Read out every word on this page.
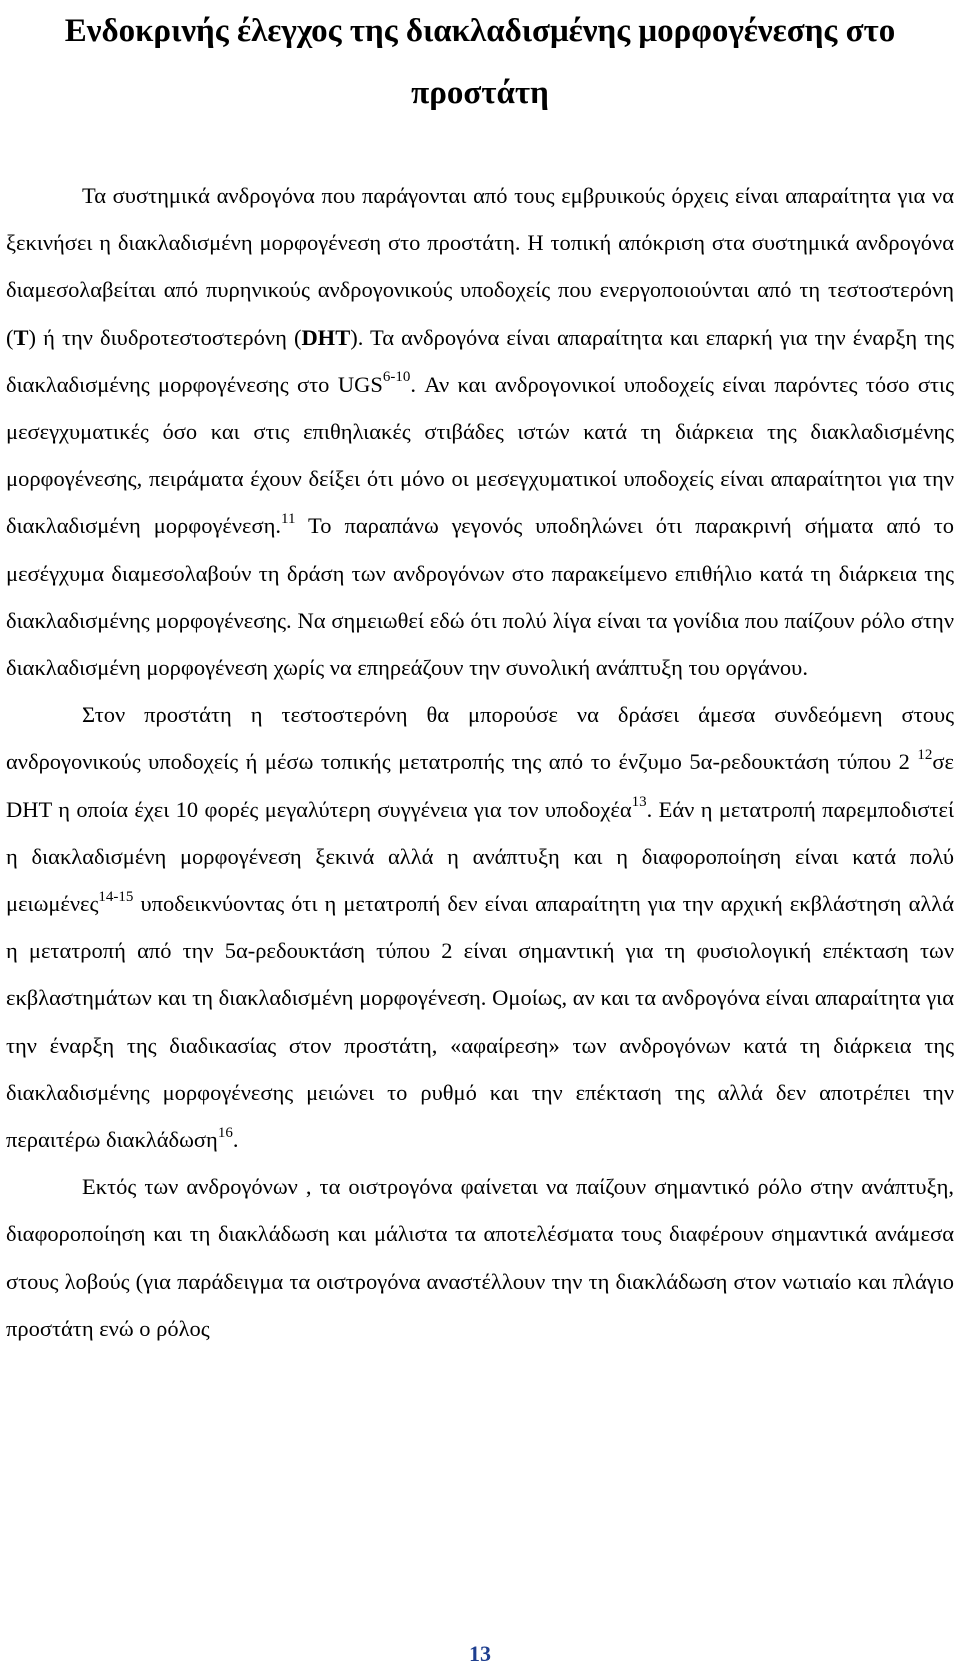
Ενδοκρινής έλεγχος της διακλαδισμένης μορφογένεσης στο
προστάτη

Τα συστημικά ανδρογόνα που παράγονται από τους εμβρυικούς όρχεις είναι απαραίτητα για να ξεκινήσει η διακλαδισμένη μορφογένεση στο προστάτη. Η τοπική απόκριση στα συστημικά ανδρογόνα διαμεσολαβείται από πυρηνικούς ανδρογονικούς υποδοχείς που ενεργοποιούνται από τη τεστοστερόνη (T) ή την διυδροτεστοστερόνη (DHT). Τα ανδρογόνα είναι απαραίτητα και επαρκή για την έναρξη της διακλαδισμένης μορφογένεσης στο UGS$^{6-10}$. Αν και ανδρογονικοί υποδοχείς είναι παρόντες τόσο στις μεσεγχυματικές όσο και στις επιθηλιακές στιβάδες ιστών κατά τη διάρκεια της διακλαδισμένης μορφογένεσης, πειράματα έχουν δείξει ότι μόνο οι μεσεγχυματικοί υποδοχείς είναι απαραίτητοι για την διακλαδισμένη μορφογένεση.$^{11}$ Το παραπάνω γεγονός υποδηλώνει ότι παρακρινή σήματα από το μεσέγχυμα διαμεσολαβούν τη δράση των ανδρογόνων στο παρακείμενο επιθήλιο κατά τη διάρκεια της διακλαδισμένης μορφογένεσης. Να σημειωθεί εδώ ότι πολύ λίγα είναι τα γονίδια που παίζουν ρόλο στην διακλαδισμένη μορφογένεση χωρίς να επηρεάζουν την συνολική ανάπτυξη του οργάνου.

Στον προστάτη η τεστοστερόνη θα μπορούσε να δράσει άμεσα συνδεόμενη στους ανδρογονικούς υποδοχείς ή μέσω τοπικής μετατροπής της από το ένζυμο 5α-ρεδουκτάση τύπου 2 $^{12}$σε DHT η οποία έχει 10 φορές μεγαλύτερη συγγένεια για τον υποδοχέα$^{13}$. Εάν η μετατροπή παρεμποδιστεί η διακλαδισμένη μορφογένεση ξεκινά αλλά η ανάπτυξη και η διαφοροποίηση είναι κατά πολύ μειωμένες$^{14-15}$ υποδεικνύοντας ότι η μετατροπή δεν είναι απαραίτητη για την αρχική εκβλάστηση αλλά η μετατροπή από την 5α-ρεδουκτάση τύπου 2 είναι σημαντική για τη φυσιολογική επέκταση των εκβλαστημάτων και τη διακλαδισμένη μορφογένεση. Ομοίως, αν και τα ανδρογόνα είναι απαραίτητα για την έναρξη της διαδικασίας στον προστάτη, «αφαίρεση» των ανδρογόνων κατά τη διάρκεια της διακλαδισμένης μορφογένεσης μειώνει το ρυθμό και την επέκταση της αλλά δεν αποτρέπει την περαιτέρω διακλάδωση$^{16}$.

Εκτός των ανδρογόνων , τα οιστρογόνα φαίνεται να παίζουν σημαντικό ρόλο στην ανάπτυξη, διαφοροποίηση και τη διακλάδωση και μάλιστα τα αποτελέσματα τους διαφέρουν σημαντικά ανάμεσα στους λοβούς (για παράδειγμα τα οιστρογόνα αναστέλλουν την τη διακλάδωση στον νωτιαίο και πλάγιο προστάτη ενώ ο ρόλος

13
